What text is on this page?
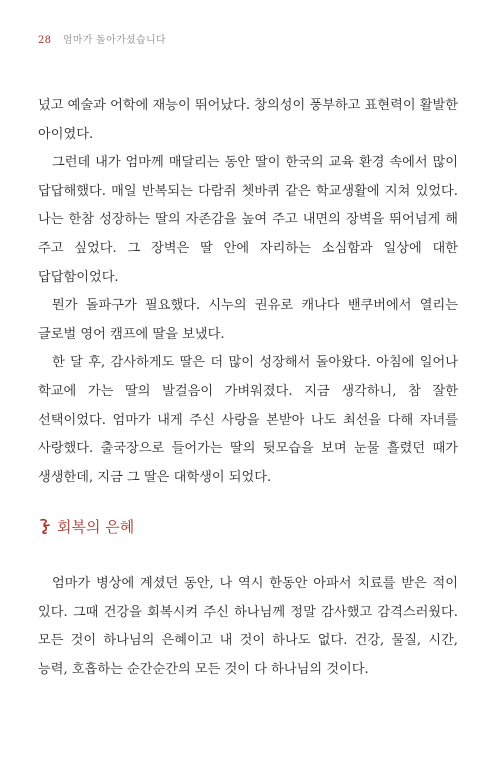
28 엄마가 돌아가셨습니다

넜고 예술과 어학에 재능이 뛰어났다. 창의성이 풍부하고 표현력이 활발한 아이였다.

그런데 내가 엄마께 매달리는 동안 딸이 한국의 교육 환경 속에서 많이 답답해했다. 매일 반복되는 다람쥐 쳇바퀴 같은 학교생활에 지쳐 있었다. 나는 한참 성장하는 딸의 자존감을 높여 주고 내면의 장벽을 뛰어넘게 해 주고 싶었다. 그 장벽은 딸 안에 자리하는 소심함과 일상에 대한 답답함이었다.

뭔가 돌파구가 필요했다. 시누의 권유로 캐나다 밴쿠버에서 열리는 글로벌 영어 캠프에 딸을 보냈다.

한 달 후, 감사하게도 딸은 더 많이 성장해서 돌아왔다. 아침에 일어나 학교에 가는 딸의 발걸음이 가벼워졌다. 지금 생각하니, 참 잘한 선택이었다. 엄마가 내게 주신 사랑을 본받아 나도 최선을 다해 자녀를 사랑했다. 출국장으로 들어가는 딸의 뒷모습을 보며 눈물 흘렸던 때가 생생한데, 지금 그 딸은 대학생이 되었다.

회복의 은혜

엄마가 병상에 계셨던 동안, 나 역시 한동안 아파서 치료를 받은 적이 있다. 그때 건강을 회복시켜 주신 하나님께 정말 감사했고 감격스러웠다. 모든 것이 하나님의 은혜이고 내 것이 하나도 없다. 건강, 물질, 시간, 능력, 호흡하는 순간순간의 모든 것이 다 하나님의 것이다.
